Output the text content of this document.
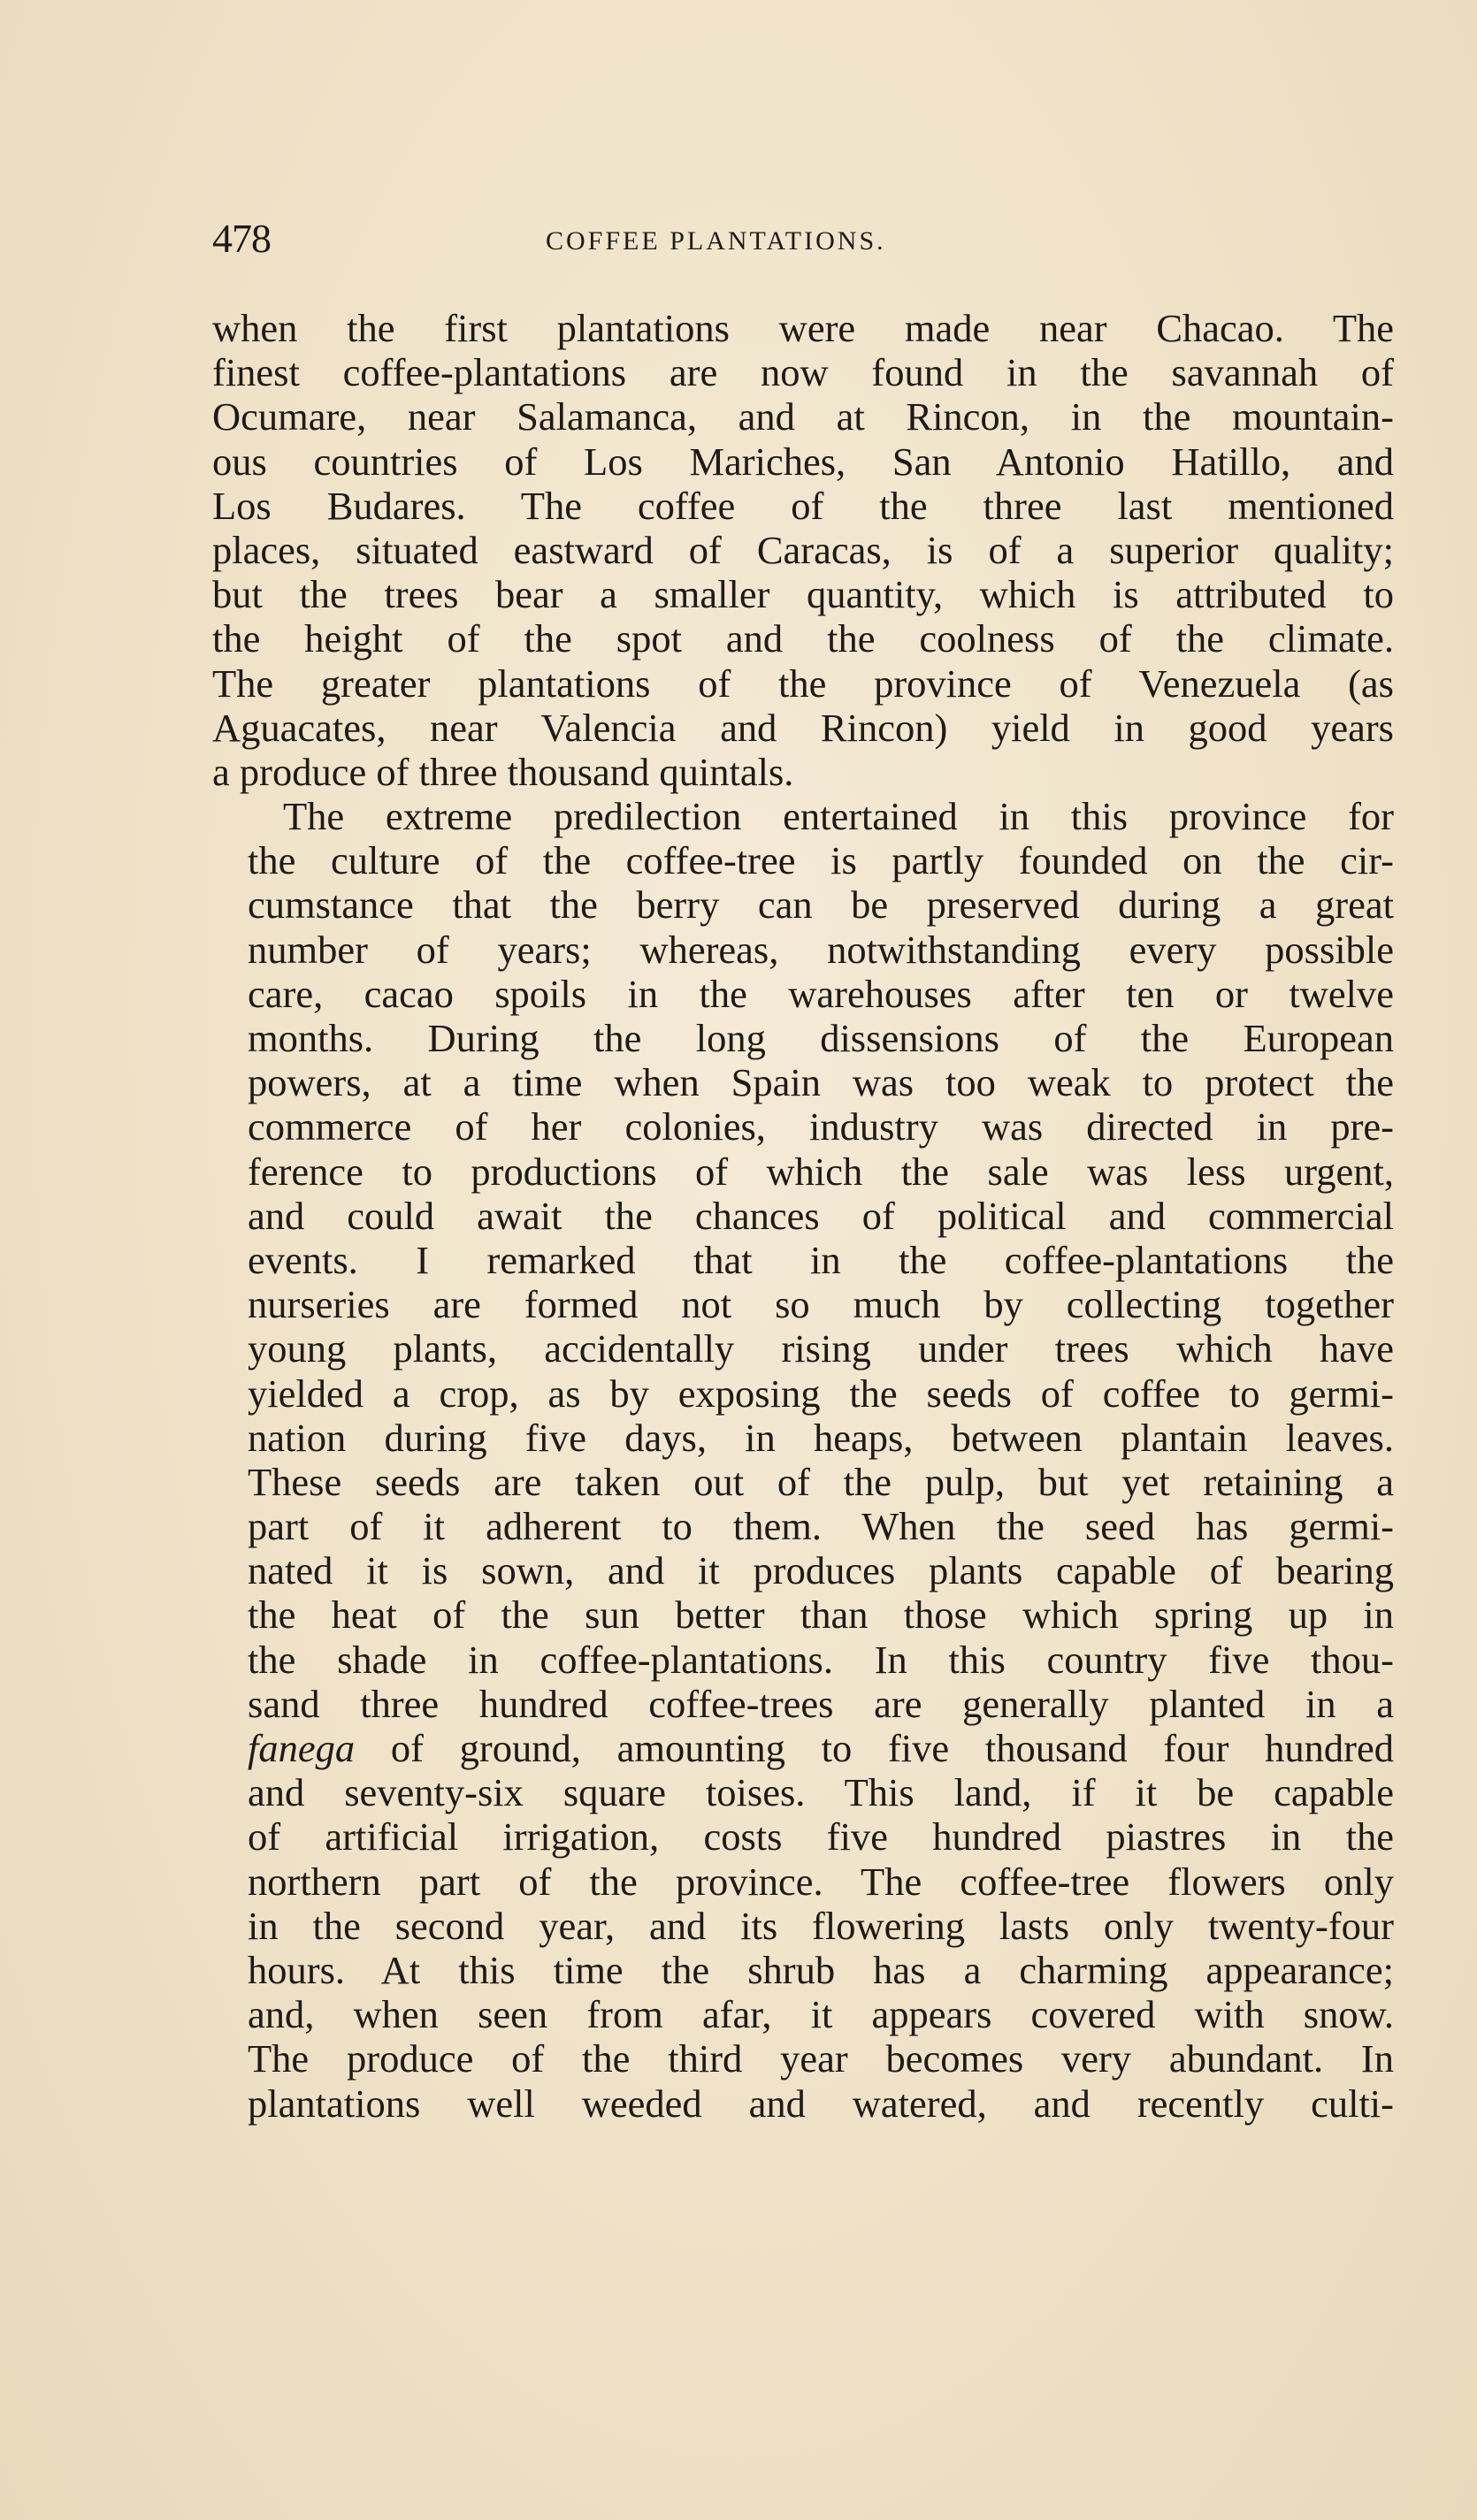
478	COFFEE PLANTATIONS.

when the first plantations were made near Chacao. The
finest coffee-plantations are now found in the savannah of
Ocumare, near Salamanca, and at Rincon, in the mountain-
ous countries of Los Mariches, San Antonio Hatillo, and
Los Budares. The coffee of the three last mentioned
places, situated eastward of Caracas, is of a superior quality;
but the trees bear a smaller quantity, which is attributed to
the height of the spot and the coolness of the climate.
The greater plantations of the province of Venezuela (as
Aguacates, near Valencia and Rincon) yield in good years
a produce of three thousand quintals.

The extreme predilection entertained in this province for
the culture of the coffee-tree is partly founded on the cir-
cumstance that the berry can be preserved during a great
number of years; whereas, notwithstanding every possible
care, cacao spoils in the warehouses after ten or twelve
months. During the long dissensions of the European
powers, at a time when Spain was too weak to protect the
commerce of her colonies, industry was directed in pre-
ference to productions of which the sale was less urgent,
and could await the chances of political and commercial
events. I remarked that in the coffee-plantations the
nurseries are formed not so much by collecting together
young plants, accidentally rising under trees which have
yielded a crop, as by exposing the seeds of coffee to germi-
nation during five days, in heaps, between plantain leaves.
These seeds are taken out of the pulp, but yet retaining a
part of it adherent to them. When the seed has germi-
nated it is sown, and it produces plants capable of bearing
the heat of the sun better than those which spring up in
the shade in coffee-plantations. In this country five thou-
sand three hundred coffee-trees are generally planted in a
fanega of ground, amounting to five thousand four hundred
and seventy-six square toises. This land, if it be capable
of artificial irrigation, costs five hundred piastres in the
northern part of the province. The coffee-tree flowers only
in the second year, and its flowering lasts only twenty-four
hours. At this time the shrub has a charming appearance;
and, when seen from afar, it appears covered with snow.
The produce of the third year becomes very abundant. In
plantations well weeded and watered, and recently culti-
